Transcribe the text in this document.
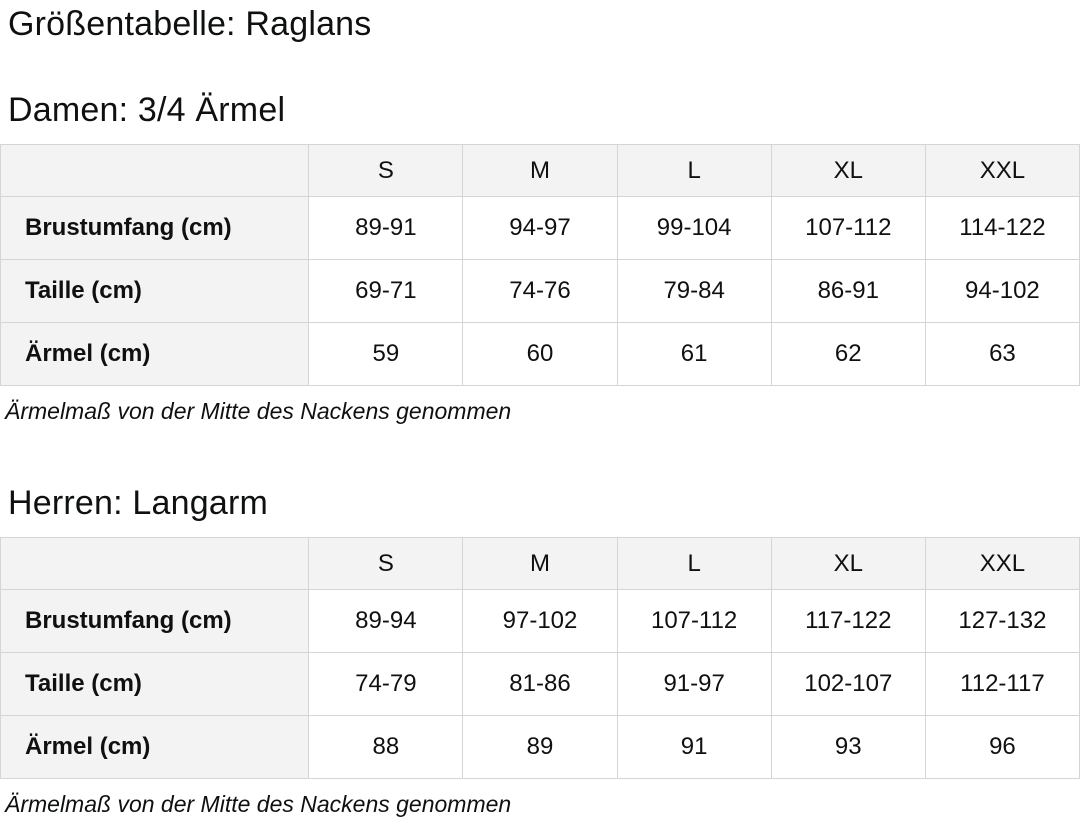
Größentabelle: Raglans
Damen: 3/4 Ärmel
	S	M	L	XL	XXL
Brustumfang (cm)	89-91	94-97	99-104	107-112	114-122
Taille (cm)	69-71	74-76	79-84	86-91	94-102
Ärmel (cm)	59	60	61	62	63

Ärmelmaß von der Mitte des Nackens genommen

Herren: Langarm
	S	M	L	XL	XXL
Brustumfang (cm)	89-94	97-102	107-112	117-122	127-132
Taille (cm)	74-79	81-86	91-97	102-107	112-117
Ärmel (cm)	88	89	91	93	96

Ärmelmaß von der Mitte des Nackens genommen
